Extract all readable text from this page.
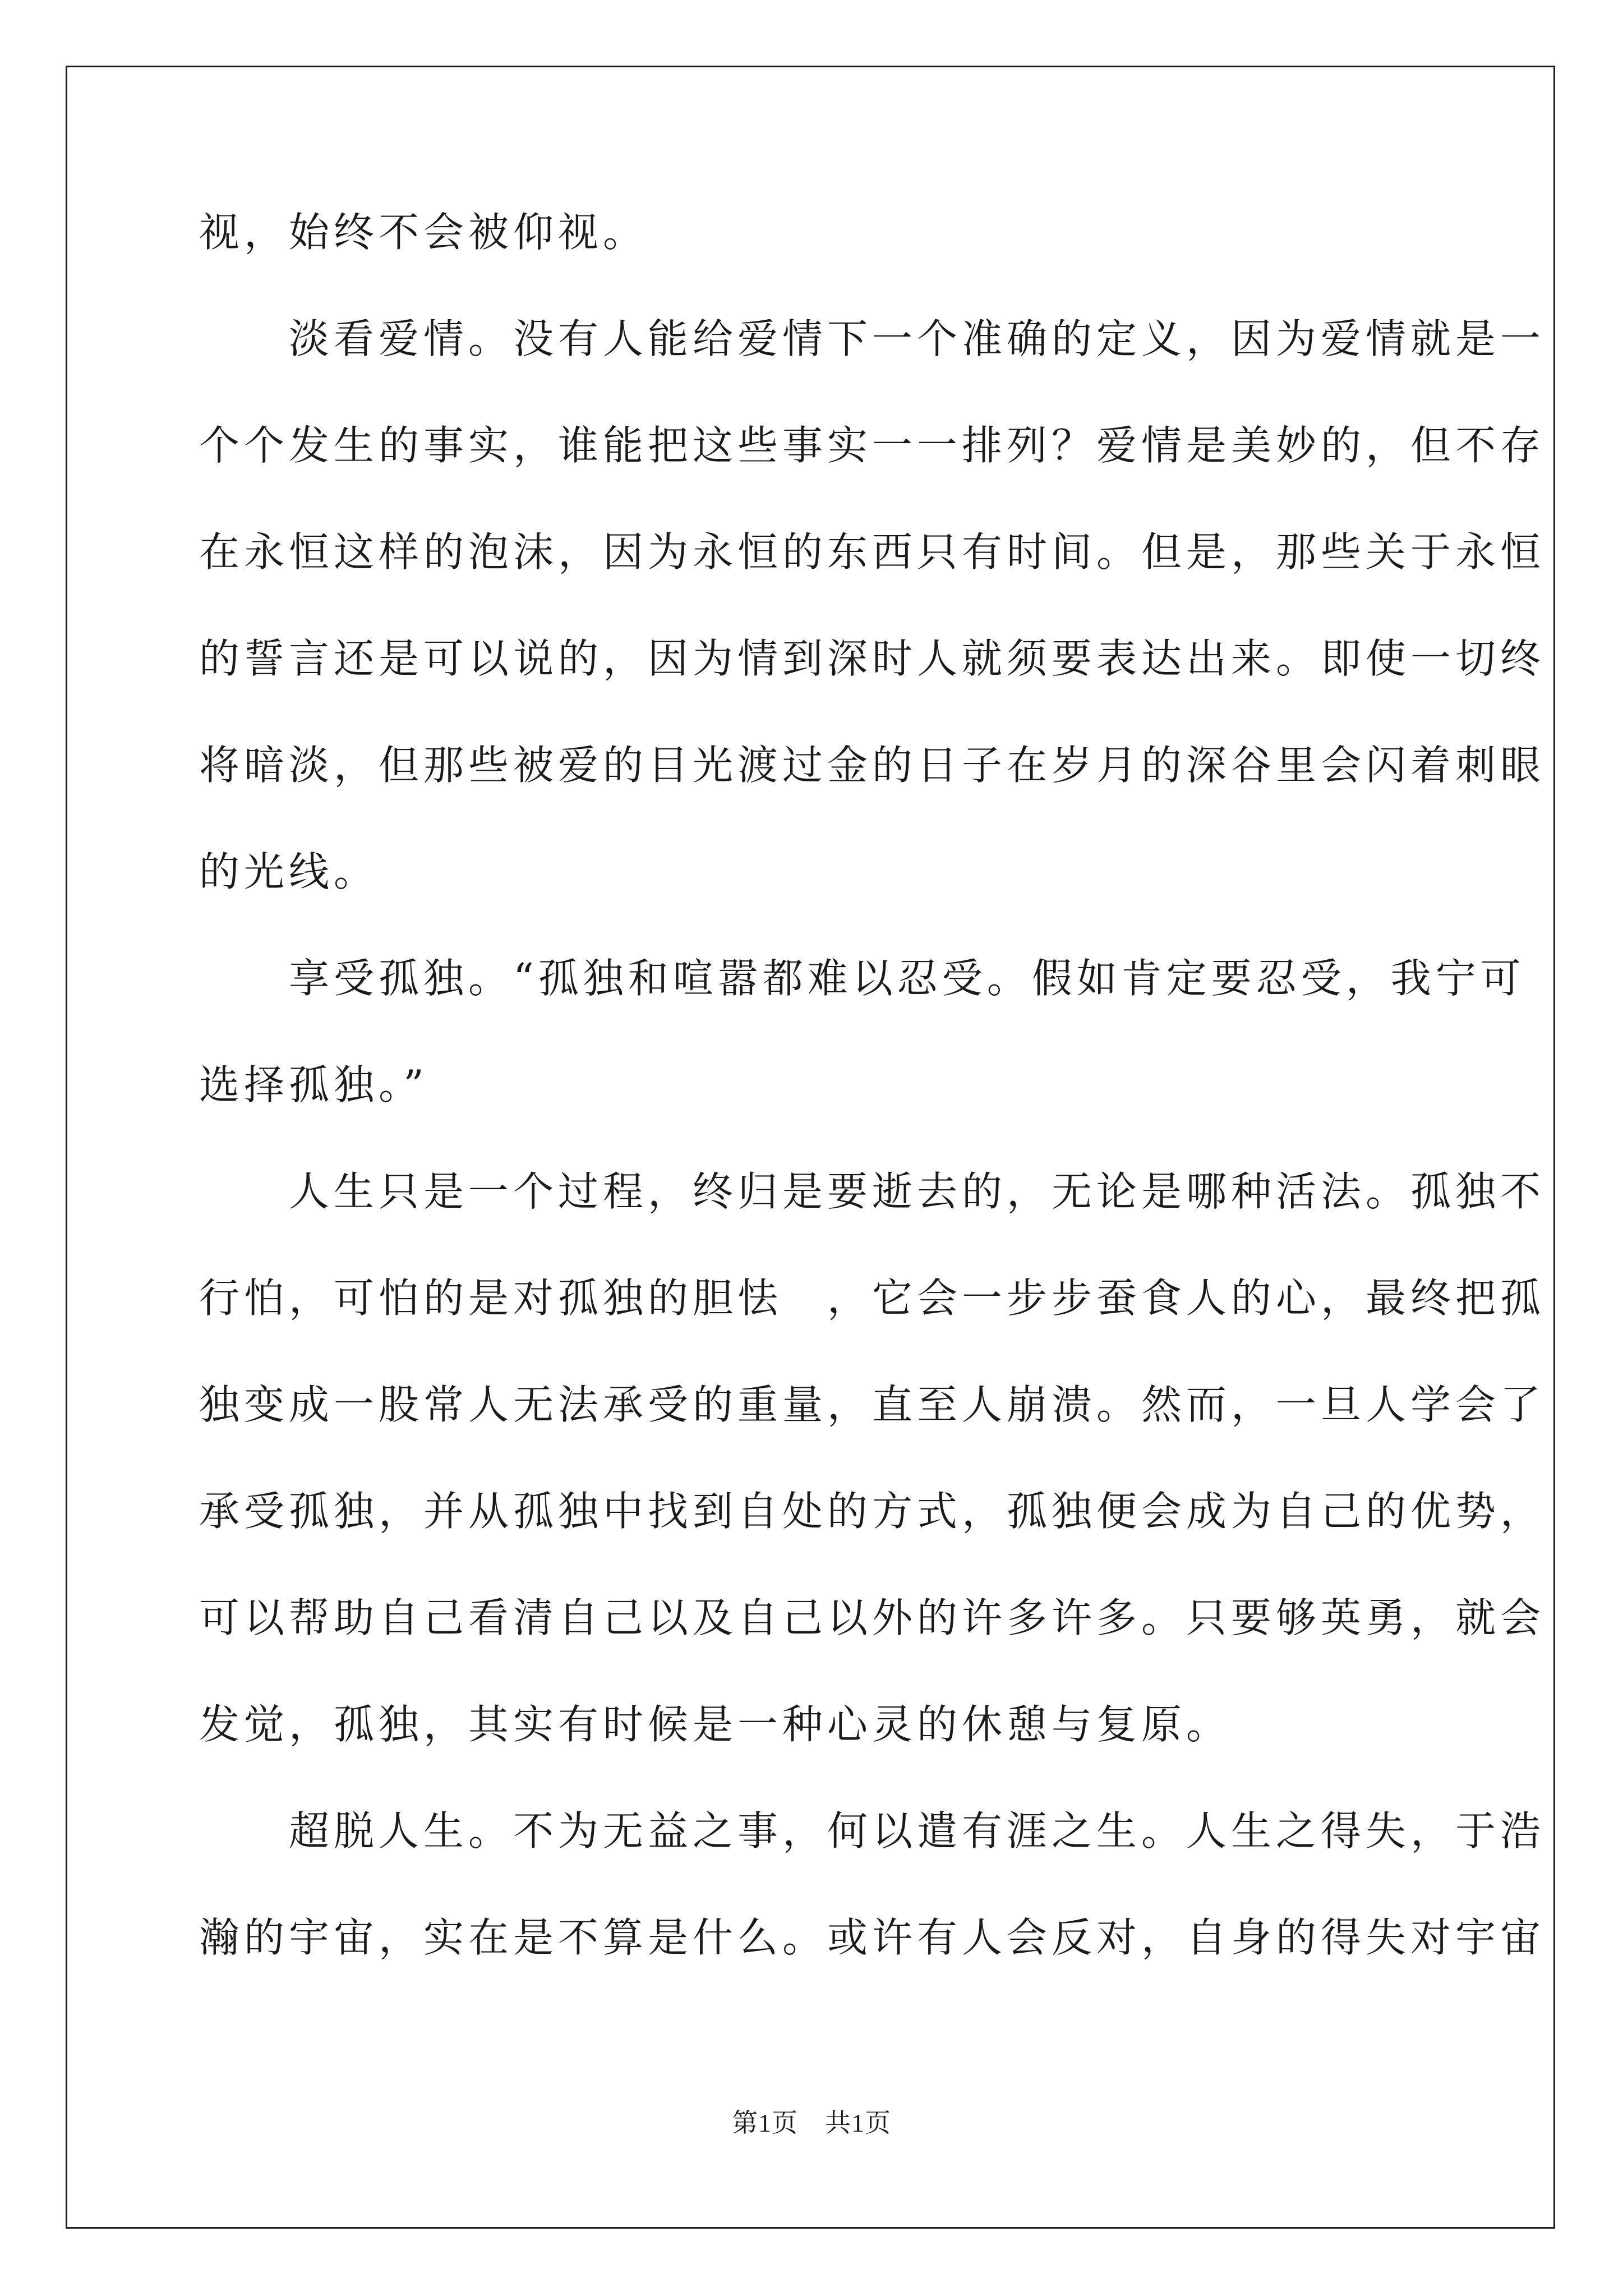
视，始终不会被仰视。
　　淡看爱情。没有人能给爱情下一个准确的定义，因为爱情就是一
个个发生的事实，谁能把这些事实一一排列？爱情是美妙的，但不存
在永恒这样的泡沫，因为永恒的东西只有时间。但是，那些关于永恒
的誓言还是可以说的，因为情到深时人就须要表达出来。即使一切终
将暗淡，但那些被爱的目光渡过金的日子在岁月的深谷里会闪着刺眼
的光线。
　　享受孤独。“孤独和喧嚣都难以忍受。假如肯定要忍受，我宁可
选择孤独。”
　　人生只是一个过程，终归是要逝去的，无论是哪种活法。孤独不
行怕，可怕的是对孤独的胆怯　，它会一步步蚕食人的心，最终把孤
独变成一股常人无法承受的重量，直至人崩溃。然而，一旦人学会了
承受孤独，并从孤独中找到自处的方式，孤独便会成为自己的优势，
可以帮助自己看清自己以及自己以外的许多许多。只要够英勇，就会
发觉，孤独，其实有时候是一种心灵的休憩与复原。
　　超脱人生。不为无益之事，何以遣有涯之生。人生之得失，于浩
瀚的宇宙，实在是不算是什么。或许有人会反对，自身的得失对宇宙
第1页 共1页
